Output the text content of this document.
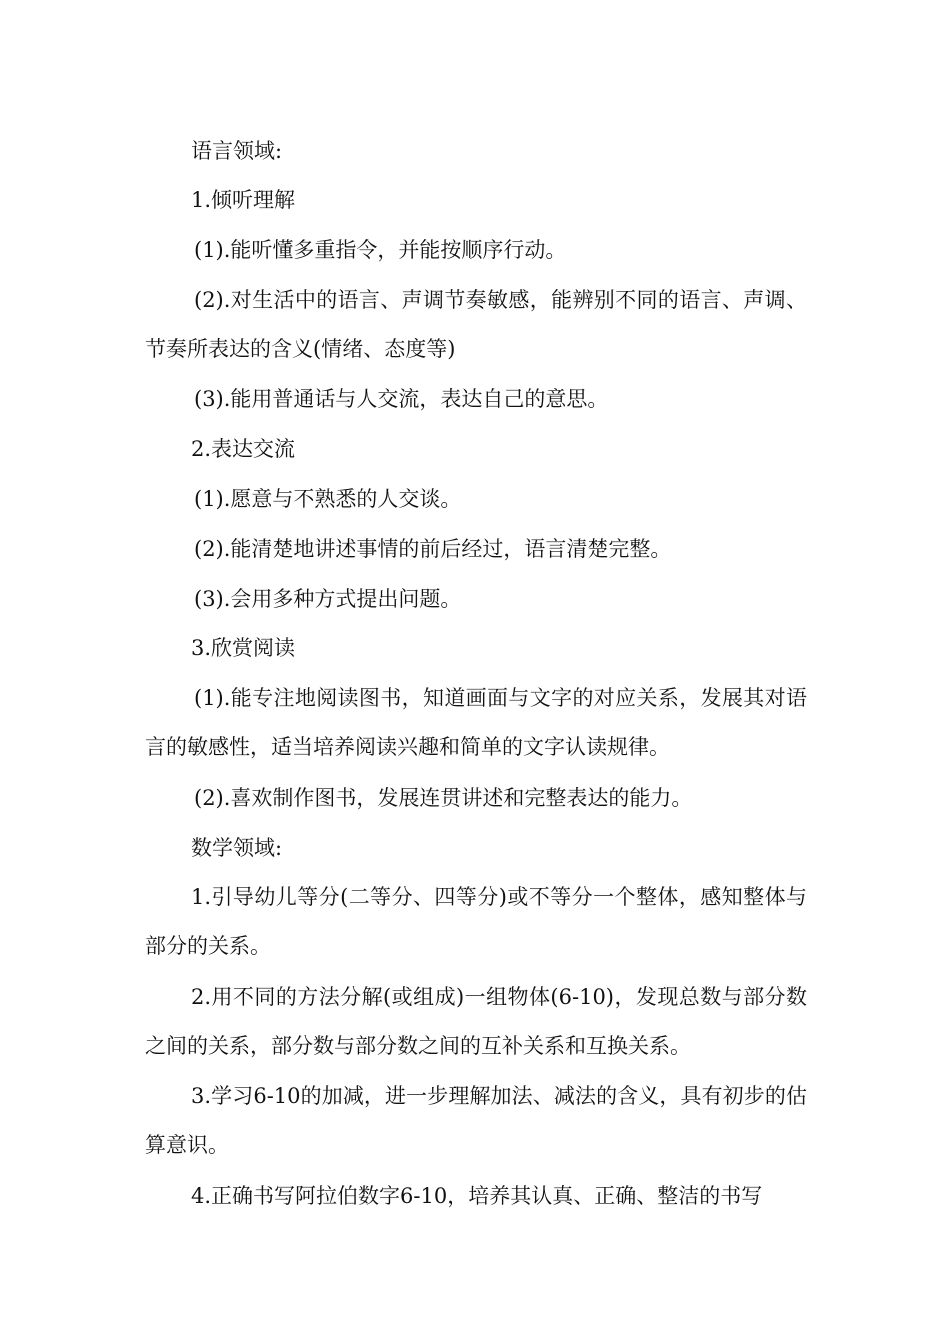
语言领域:

1.倾听理解

(1).能听懂多重指令，并能按顺序行动。

(2).对生活中的语言、声调节奏敏感，能辨别不同的语言、声调、节奏所表达的含义(情绪、态度等)

(3).能用普通话与人交流，表达自己的意思。

2.表达交流

(1).愿意与不熟悉的人交谈。

(2).能清楚地讲述事情的前后经过，语言清楚完整。

(3).会用多种方式提出问题。

3.欣赏阅读

(1).能专注地阅读图书，知道画面与文字的对应关系，发展其对语言的敏感性，适当培养阅读兴趣和简单的文字认读规律。

(2).喜欢制作图书，发展连贯讲述和完整表达的能力。

数学领域:

1.引导幼儿等分(二等分、四等分)或不等分一个整体，感知整体与部分的关系。

2.用不同的方法分解(或组成)一组物体(6-10)，发现总数与部分数之间的关系，部分数与部分数之间的互补关系和互换关系。

3.学习6-10的加减，进一步理解加法、减法的含义，具有初步的估算意识。

4.正确书写阿拉伯数字6-10，培养其认真、正确、整洁的书写
